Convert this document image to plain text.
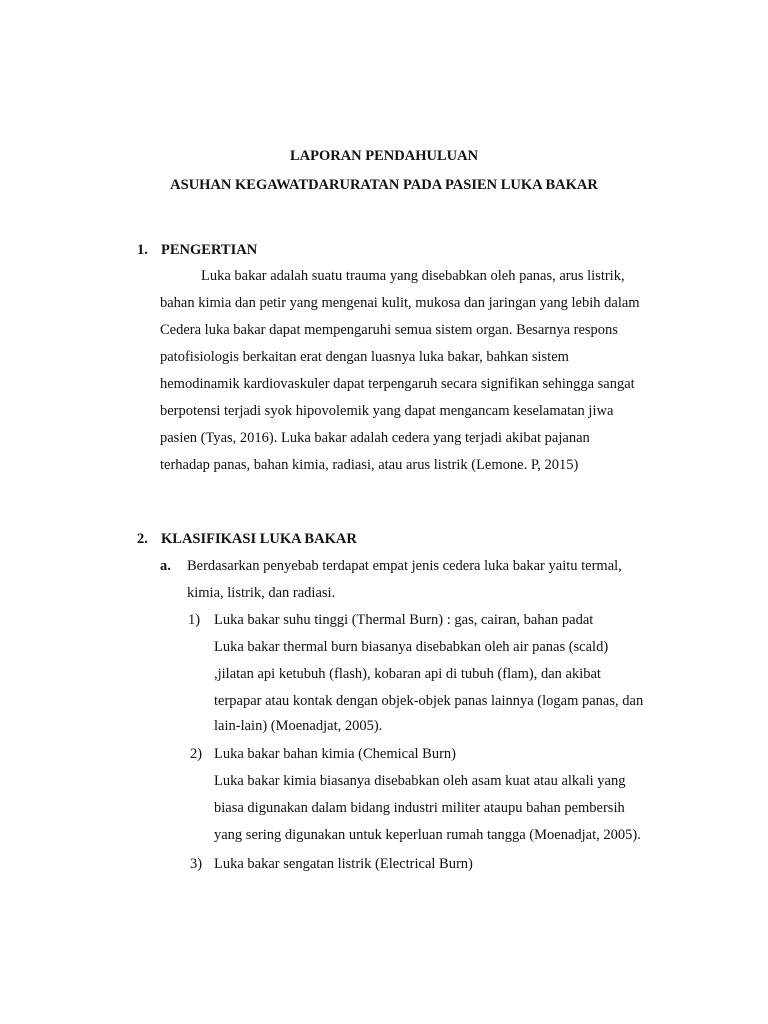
LAPORAN PENDAHULUAN
ASUHAN KEGAWATDARURATAN PADA PASIEN LUKA BAKAR
1. PENGERTIAN
Luka bakar adalah suatu trauma yang disebabkan oleh panas, arus listrik,
bahan kimia dan petir yang mengenai kulit, mukosa dan jaringan yang lebih dalam
Cedera luka bakar dapat mempengaruhi semua sistem organ. Besarnya respons
patofisiologis berkaitan erat dengan luasnya luka bakar, bahkan sistem
hemodinamik kardiovaskuler dapat terpengaruh secara signifikan sehingga sangat
berpotensi terjadi syok hipovolemik yang dapat mengancam keselamatan jiwa
pasien (Tyas, 2016). Luka bakar adalah cedera yang terjadi akibat pajanan
terhadap panas, bahan kimia, radiasi, atau arus listrik (Lemone. P, 2015)
2. KLASIFIKASI LUKA BAKAR
a. Berdasarkan penyebab terdapat empat jenis cedera luka bakar yaitu termal,
kimia, listrik, dan radiasi.
1) Luka bakar suhu tinggi (Thermal Burn) : gas, cairan, bahan padat
Luka bakar thermal burn biasanya disebabkan oleh air panas (scald)
,jilatan api ketubuh (flash), kobaran api di tubuh (flam), dan akibat
terpapar atau kontak dengan objek-objek panas lainnya (logam panas, dan
lain-lain) (Moenadjat, 2005).
2) Luka bakar bahan kimia (Chemical Burn)
Luka bakar kimia biasanya disebabkan oleh asam kuat atau alkali yang
biasa digunakan dalam bidang industri militer ataupu bahan pembersih
yang sering digunakan untuk keperluan rumah tangga (Moenadjat, 2005).
3) Luka bakar sengatan listrik (Electrical Burn)
